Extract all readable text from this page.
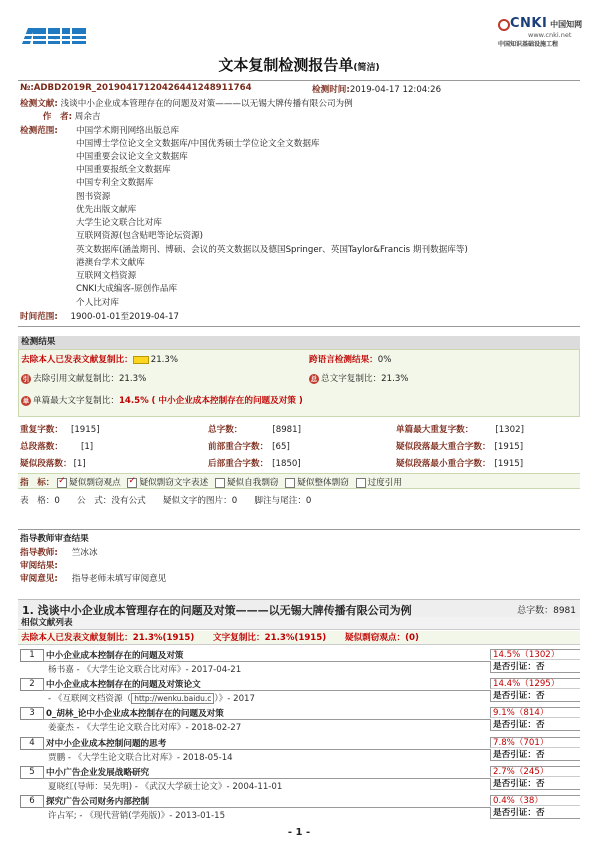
AMLC
CNKI 中国知网
www.cnki.net
中国知识基础设施工程
文本复制检测报告单(简洁)
№:ADBD2019R_20190417120426441248911764	检测时间:2019-04-17 12:04:26
检测文献: 浅谈中小企业成本管理存在的问题及对策———以无锡大牌传播有限公司为例
作　者: 周余吉
检测范围: 中国学术期刊网络出版总库
中国博士学位论文全文数据库/中国优秀硕士学位论文全文数据库
中国重要会议论文全文数据库
中国重要报纸全文数据库
中国专利全文数据库
图书资源
优先出版文献库
大学生论文联合比对库
互联网资源(包含贴吧等论坛资源)
英文数据库(涵盖期刊、博硕、会议的英文数据以及德国Springer、英国Taylor&Francis 期刊数据库等)
港澳台学术文献库
互联网文档资源
CNKI大成编客-原创作品库
个人比对库
时间范围: 1900-01-01至2019-04-17
检测结果
去除本人已发表文献复制比： 21.3%	跨语言检测结果：0%
引 去除引用文献复制比：21.3%	总 总文字复制比：21.3%
单 单篇最大文字复制比：14.5% ( 中小企业成本控制存在的问题及对策 )
重复字数： [1915]	总字数：	[8981]	单篇最大重复字数：	[1302]
总段落数： [1]	前部重合字数： [65]	疑似段落最大重合字数： [1915]
疑似段落数： [1]	后部重合字数： [1850]	疑似段落最小重合字数： [1915]
指　标： ✓ 疑似剽窃观点 ✓ 疑似剽窃文字表述 疑似自我剽窃 疑似整体剽窃 过度引用
表　格：0　　公　式：没有公式　　疑似文字的图片：0　　脚注与尾注：0
指导教师审查结果
指导教师: 竺冰冰
审阅结果:
审阅意见: 指导老师未填写审阅意见
1. 浅谈中小企业成本管理存在的问题及对策———以无锡大牌传播有限公司为例	总字数：8981
相似文献列表
去除本人已发表文献复制比：21.3%(1915) 文字复制比：21.3%(1915) 疑似剽窃观点：(0)
1	中小企业成本控制存在的问题及对策
杨书嘉 - 《大学生论文联合比对库》- 2017-04-21
14.5%（1302）
是否引证：否
2	中小企业成本控制存在的问题及对策论文
- 《互联网文档资源（ http://wenku.baidu.c ）》- 2017
14.4%（1295）
是否引证：否
3	0_胡林_论中小企业成本控制存在的问题及对策
姜豪杰 - 《大学生论文联合比对库》- 2018-02-27
9.1%（814）
是否引证：否
4	对中小企业成本控制问题的思考
贾鹏 - 《大学生论文联合比对库》- 2018-05-14
7.8%（701）
是否引证：否
5	中小广告企业发展战略研究
夏晓红(导师：吴先明) - 《武汉大学硕士论文》- 2004-11-01
2.7%（245）
是否引证：否
6	探究广告公司财务内部控制
许占军; - 《现代营销(学苑版)》- 2013-01-15
0.4%（38）
是否引证：否
- 1 -
